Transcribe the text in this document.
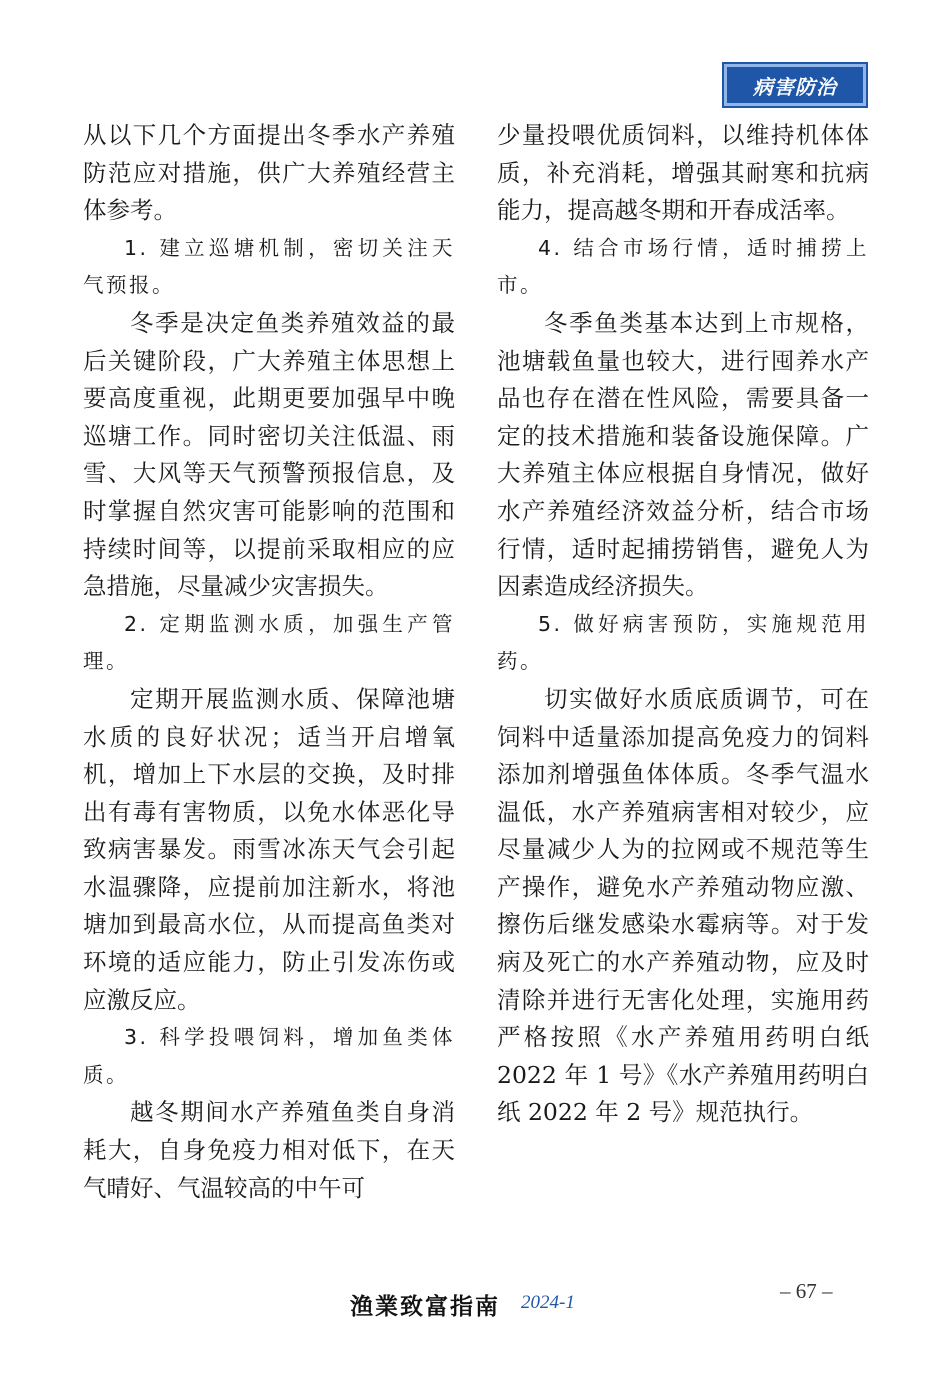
病害防治

从以下几个方面提出冬季水产养殖防范应对措施，供广大养殖经营主体参考。

1. 建立巡塘机制，密切关注天气预报。

冬季是决定鱼类养殖效益的最后关键阶段，广大养殖主体思想上要高度重视，此期更要加强早中晚巡塘工作。同时密切关注低温、雨雪、大风等天气预警预报信息，及时掌握自然灾害可能影响的范围和持续时间等，以提前采取相应的应急措施，尽量减少灾害损失。

2. 定期监测水质，加强生产管理。

定期开展监测水质、保障池塘水质的良好状况；适当开启增氧机，增加上下水层的交换，及时排出有毒有害物质，以免水体恶化导致病害暴发。雨雪冰冻天气会引起水温骤降，应提前加注新水，将池塘加到最高水位，从而提高鱼类对环境的适应能力，防止引发冻伤或应激反应。

3. 科学投喂饲料，增加鱼类体质。

越冬期间水产养殖鱼类自身消耗大，自身免疫力相对低下，在天气晴好、气温较高的中午可

少量投喂优质饲料，以维持机体体质，补充消耗，增强其耐寒和抗病能力，提高越冬期和开春成活率。

4. 结合市场行情，适时捕捞上市。

冬季鱼类基本达到上市规格，池塘载鱼量也较大，进行囤养水产品也存在潜在性风险，需要具备一定的技术措施和装备设施保障。广大养殖主体应根据自身情况，做好水产养殖经济效益分析，结合市场行情，适时起捕捞销售，避免人为因素造成经济损失。

5. 做好病害预防，实施规范用药。

切实做好水质底质调节，可在饲料中适量添加提高免疫力的饲料添加剂增强鱼体体质。冬季气温水温低，水产养殖病害相对较少，应尽量减少人为的拉网或不规范等生产操作，避免水产养殖动物应激、擦伤后继发感染水霉病等。对于发病及死亡的水产养殖动物，应及时清除并进行无害化处理，实施用药严格按照《水产养殖用药明白纸 2022 年 1 号》《水产养殖用药明白纸 2022 年 2 号》规范执行。

渔業致富指南 2024-1	– 67 –
